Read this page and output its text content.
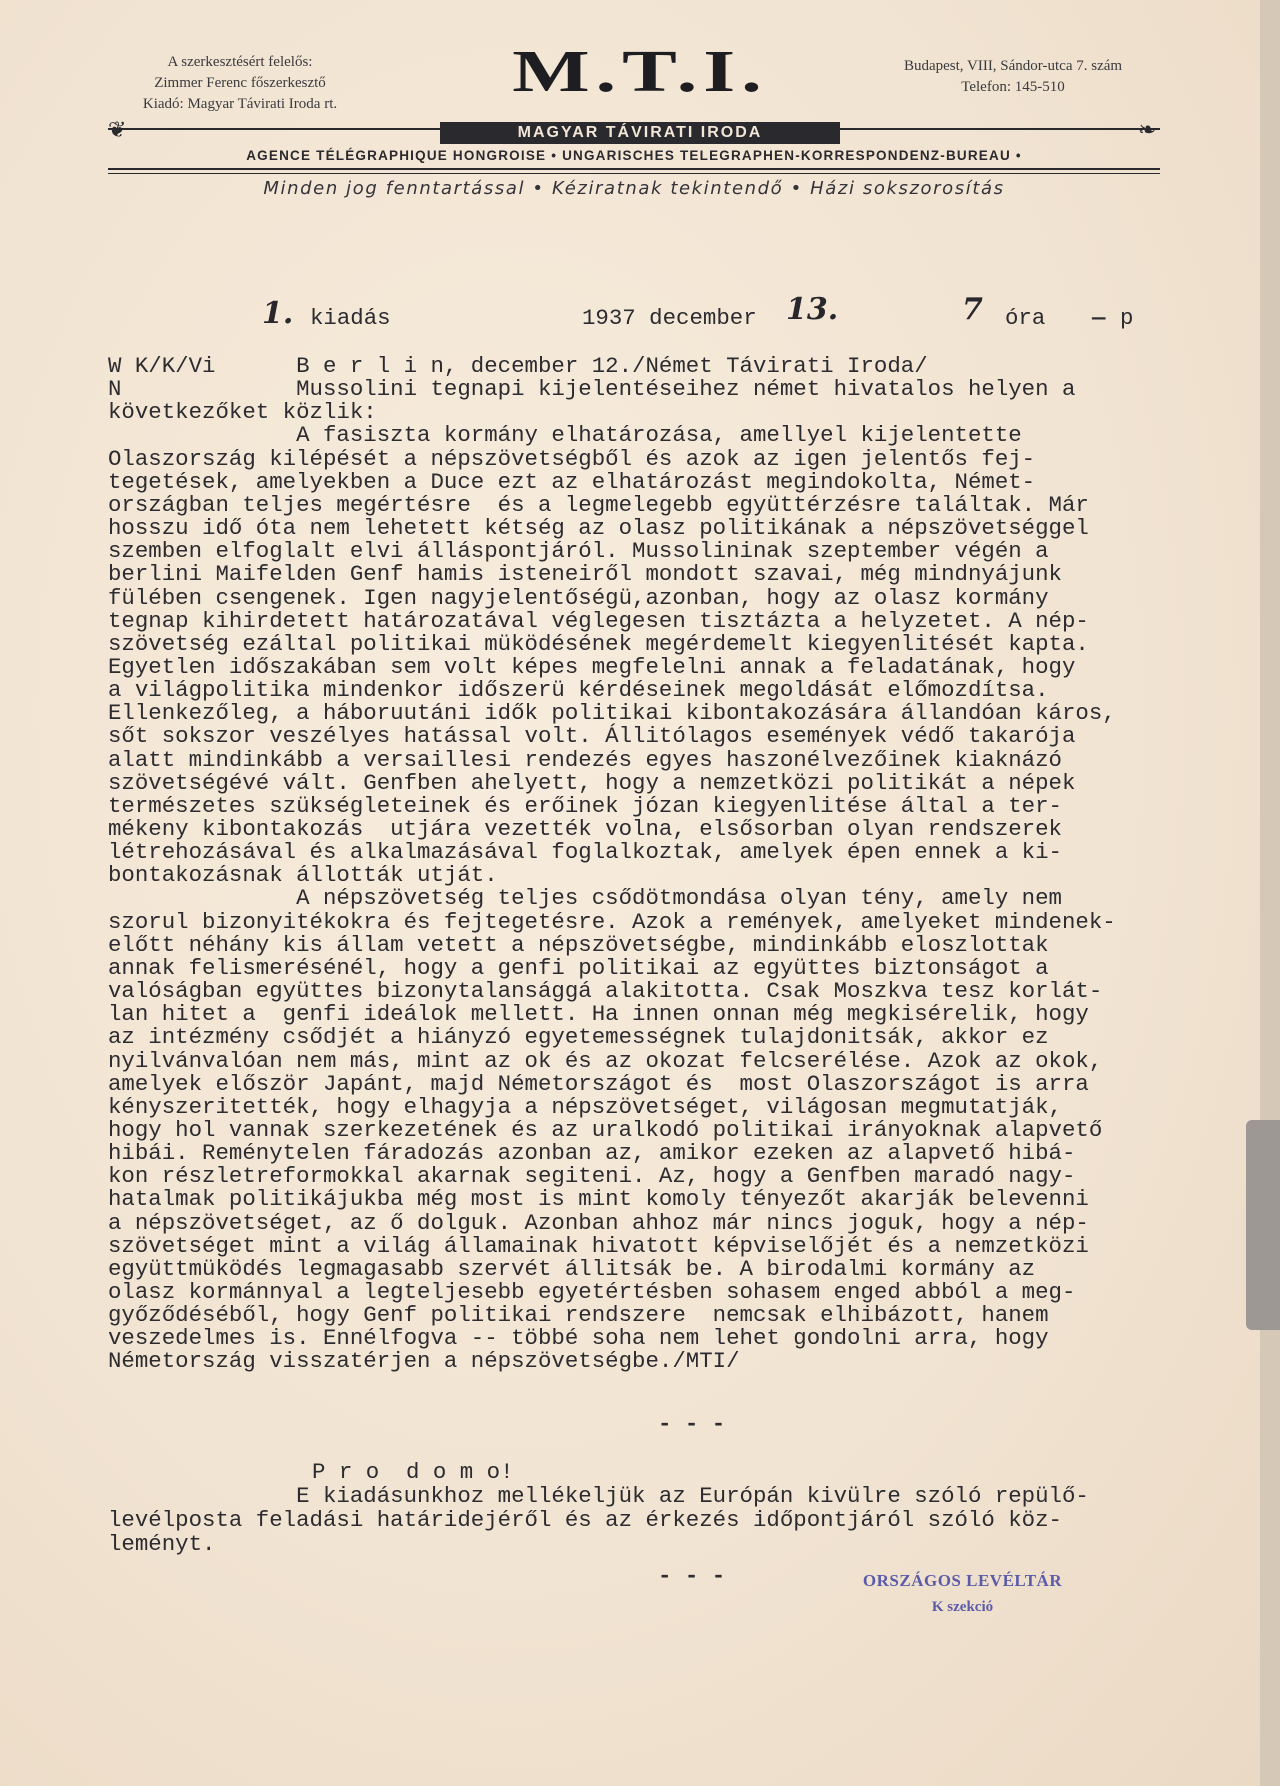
A szerkesztésért felelős:
Zimmer Ferenc főszerkesztő
Kiadó: Magyar Távirati Iroda rt.	M.T.I.	Budapest, VIII, Sándor-utca 7. szám
Telefon: 145-510
❦	❧
MAGYAR TÁVIRATI IRODA
AGENCE TÉLÉGRAPHIQUE HONGROISE • UNGARISCHES TELEGRAPHEN-KORRESPONDENZ-BUREAU •
Minden jog fenntartással • Kéziratnak tekintendő • Házi sokszorosítás
1. kiadás	1937 december 13.	7 óra — p
W K/K/Vi      B e r l i n, december 12./Német Távirati Iroda/
N             Mussolini tegnapi kijelentéseihez német hivatalos helyen a
következőket közlik:
A fasiszta kormány elhatározása, amellyel kijelentette
Olaszország kilépését a népszövetségből és azok az igen jelentős fej-
tegetések, amelyekben a Duce ezt az elhatározást megindokolta, Német-
országban teljes megértésre  és a legmelegebb együttérzésre találtak. Már
hosszu idő óta nem lehetett kétség az olasz politikának a népszövetséggel
szemben elfoglalt elvi álláspontjáról. Mussolininak szeptember végén a
berlini Maifelden Genf hamis isteneiről mondott szavai, még mindnyájunk
fülében csengenek. Igen nagyjelentőségü,azonban, hogy az olasz kormány
tegnap kihirdetett határozatával véglegesen tisztázta a helyzetet. A nép-
szövetség ezáltal politikai müködésének megérdemelt kiegyenlitését kapta.
Egyetlen időszakában sem volt képes megfelelni annak a feladatának, hogy
a világpolitika mindenkor időszerü kérdéseinek megoldását előmozdítsa.
Ellenkezőleg, a háboruutáni idők politikai kibontakozására állandóan káros,
sőt sokszor veszélyes hatással volt. Állitólagos események védő takarója
alatt mindinkább a versaillesi rendezés egyes haszonélvezőinek kiaknázó
szövetségévé vált. Genfben ahelyett, hogy a nemzetközi politikát a népek
természetes szükségleteinek és erőinek józan kiegyenlitése által a ter-
mékeny kibontakozás  utjára vezették volna, elsősorban olyan rendszerek
létrehozásával és alkalmazásával foglalkoztak, amelyek épen ennek a ki-
bontakozásnak állották utját.
A népszövetség teljes csődötmondása olyan tény, amely nem
szorul bizonyitékokra és fejtegetésre. Azok a remények, amelyeket mindenek-
előtt néhány kis állam vetett a népszövetségbe, mindinkább eloszlottak
annak felismerésénél, hogy a genfi politikai az együttes biztonságot a
valóságban együttes bizonytalansággá alakitotta. Csak Moszkva tesz korlát-
lan hitet a  genfi ideálok mellett. Ha innen onnan még megkisérelik, hogy
az intézmény csődjét a hiányzó egyetemességnek tulajdonitsák, akkor ez
nyilvánvalóan nem más, mint az ok és az okozat felcserélése. Azok az okok,
amelyek először Japánt, majd Németországot és  most Olaszországot is arra
kényszeritették, hogy elhagyja a népszövetséget, világosan megmutatják,
hogy hol vannak szerkezetének és az uralkodó politikai irányoknak alapvető
hibái. Reménytelen fáradozás azonban az, amikor ezeken az alapvető hibá-
kon részletreformokkal akarnak segiteni. Az, hogy a Genfben maradó nagy-
hatalmak politikájukba még most is mint komoly tényezőt akarják belevenni
a népszövetséget, az ő dolguk. Azonban ahhoz már nincs joguk, hogy a nép-
szövetséget mint a világ államainak hivatott képviselőjét és a nemzetközi
együttmüködés legmagasabb szervét állitsák be. A birodalmi kormány az
olasz kormánnyal a legteljesebb egyetértésben sohasem enged abból a meg-
győződéséből, hogy Genf politikai rendszere  nemcsak elhibázott, hanem
veszedelmes is. Ennélfogva -- többé soha nem lehet gondolni arra, hogy
Németország visszatérjen a népszövetségbe./MTI/
- - -
P r o  d o m o!
E kiadásunkhoz mellékeljük az Európán kivülre szóló repülő-
levélposta feladási határidejéről és az érkezés időpontjáról szóló köz-
leményt.
- - -	ORSZÁGOS LEVÉLTÁR
K szekció
